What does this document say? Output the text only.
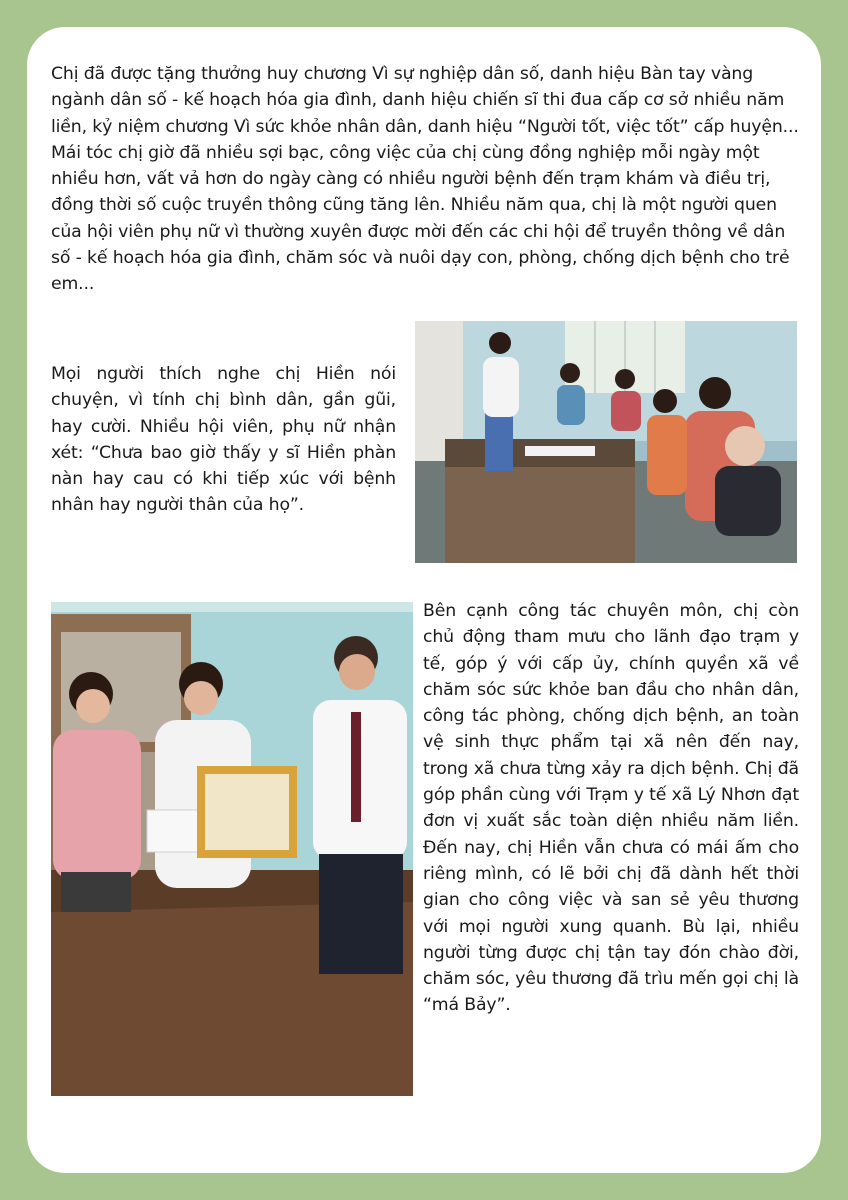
Chị đã được tặng thưởng huy chương Vì sự nghiệp dân số, danh hiệu Bàn tay vàng ngành dân số - kế hoạch hóa gia đình, danh hiệu chiến sĩ thi đua cấp cơ sở nhiều năm liền, kỷ niệm chương Vì sức khỏe nhân dân, danh hiệu “Người tốt, việc tốt” cấp huyện... Mái tóc chị giờ đã nhiều sợi bạc, công việc của chị cùng đồng nghiệp mỗi ngày một nhiều hơn, vất vả hơn do ngày càng có nhiều người bệnh đến trạm khám và điều trị, đồng thời số cuộc truyền thông cũng tăng lên. Nhiều năm qua, chị là một người quen của hội viên phụ nữ vì thường xuyên được mời đến các chi hội để truyền thông về dân số - kế hoạch hóa gia đình, chăm sóc và nuôi dạy con, phòng, chống dịch bệnh cho trẻ em...

Mọi người thích nghe chị Hiền nói chuyện, vì tính chị bình dân, gần gũi, hay cười. Nhiều hội viên, phụ nữ nhận xét: “Chưa bao giờ thấy y sĩ Hiền phàn nàn hay cau có khi tiếp xúc với bệnh nhân hay người thân của họ”.

Bên cạnh công tác chuyên môn, chị còn chủ động tham mưu cho lãnh đạo trạm y tế, góp ý với cấp ủy, chính quyền xã về chăm sóc sức khỏe ban đầu cho nhân dân, công tác phòng, chống dịch bệnh, an toàn vệ sinh thực phẩm tại xã nên đến nay, trong xã chưa từng xảy ra dịch bệnh. Chị đã góp phần cùng với Trạm y tế xã Lý Nhơn đạt đơn vị xuất sắc toàn diện nhiều năm liền. Đến nay, chị Hiền vẫn chưa có mái ấm cho riêng mình, có lẽ bởi chị đã dành hết thời gian cho công việc và san sẻ yêu thương với mọi người xung quanh. Bù lại, nhiều người từng được chị tận tay đón chào đời, chăm sóc, yêu thương đã trìu mến gọi chị là “má Bảy”.
